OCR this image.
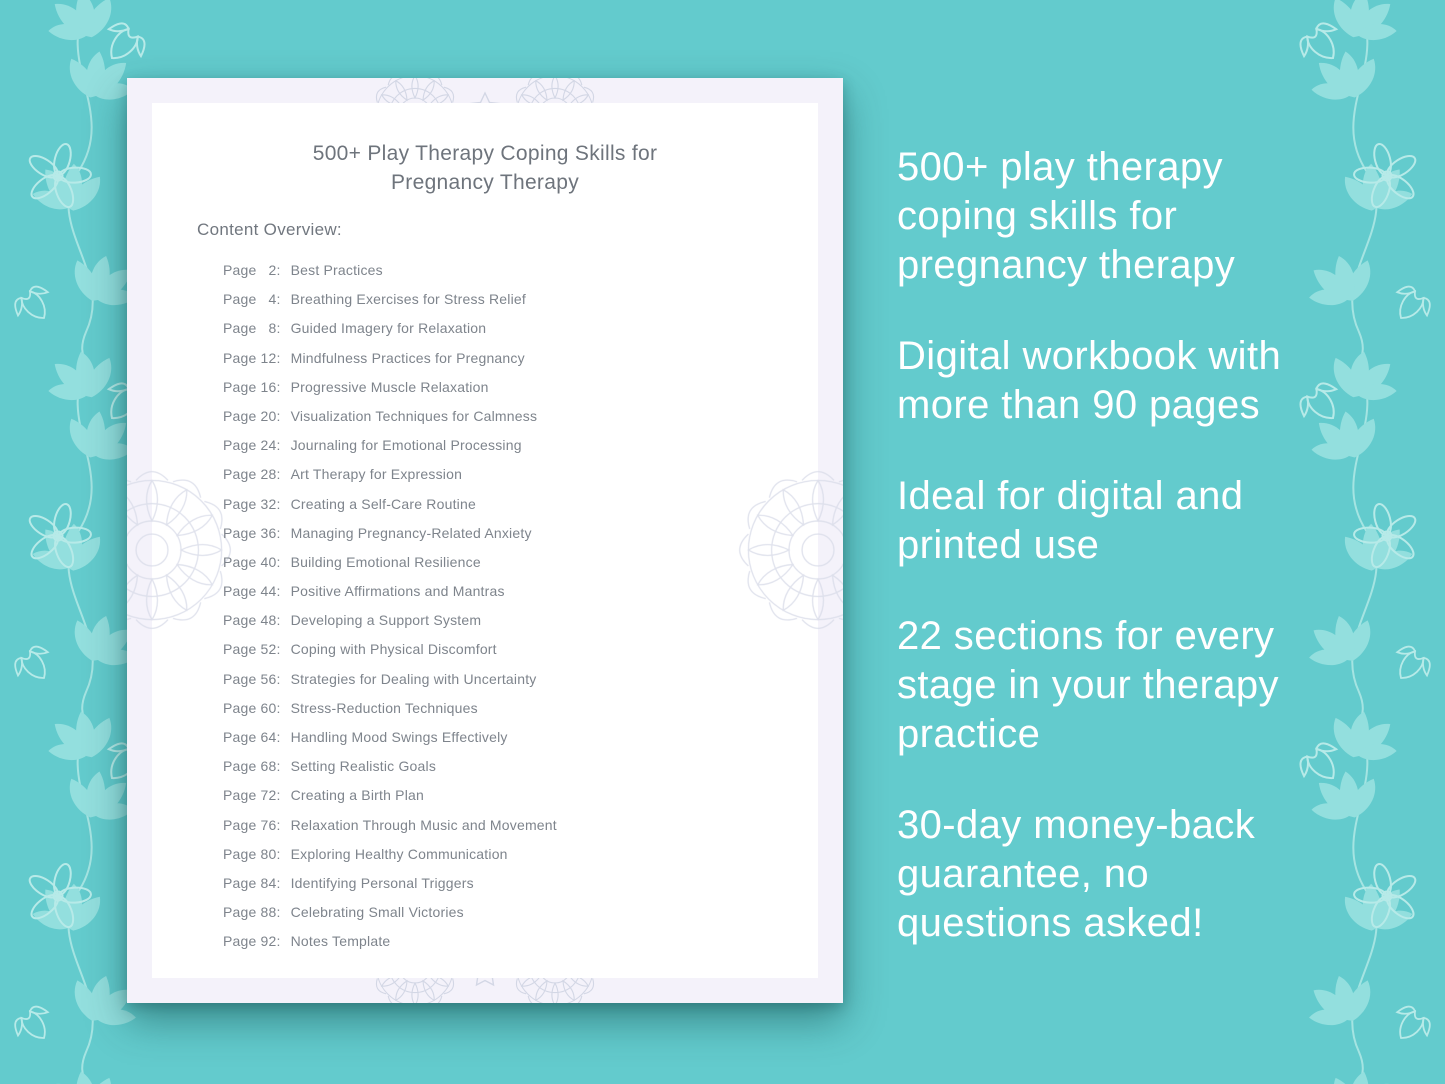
500+ Play Therapy Coping Skills for Pregnancy Therapy
Content Overview:
Page 2 : Best Practices
Page 4 : Breathing Exercises for Stress Relief
Page 8 : Guided Imagery for Relaxation
Page 12 : Mindfulness Practices for Pregnancy
Page 16 : Progressive Muscle Relaxation
Page 20 : Visualization Techniques for Calmness
Page 24 : Journaling for Emotional Processing
Page 28 : Art Therapy for Expression
Page 32 : Creating a Self-Care Routine
Page 36 : Managing Pregnancy-Related Anxiety
Page 40 : Building Emotional Resilience
Page 44 : Positive Affirmations and Mantras
Page 48 : Developing a Support System
Page 52 : Coping with Physical Discomfort
Page 56 : Strategies for Dealing with Uncertainty
Page 60 : Stress-Reduction Techniques
Page 64 : Handling Mood Swings Effectively
Page 68 : Setting Realistic Goals
Page 72 : Creating a Birth Plan
Page 76 : Relaxation Through Music and Movement
Page 80 : Exploring Healthy Communication
Page 84 : Identifying Personal Triggers
Page 88 : Celebrating Small Victories
Page 92 : Notes Template

500+ play therapy coping skills for pregnancy therapy

Digital workbook with more than 90 pages

Ideal for digital and printed use

22 sections for every stage in your therapy practice

30-day money-back guarantee, no questions asked!
